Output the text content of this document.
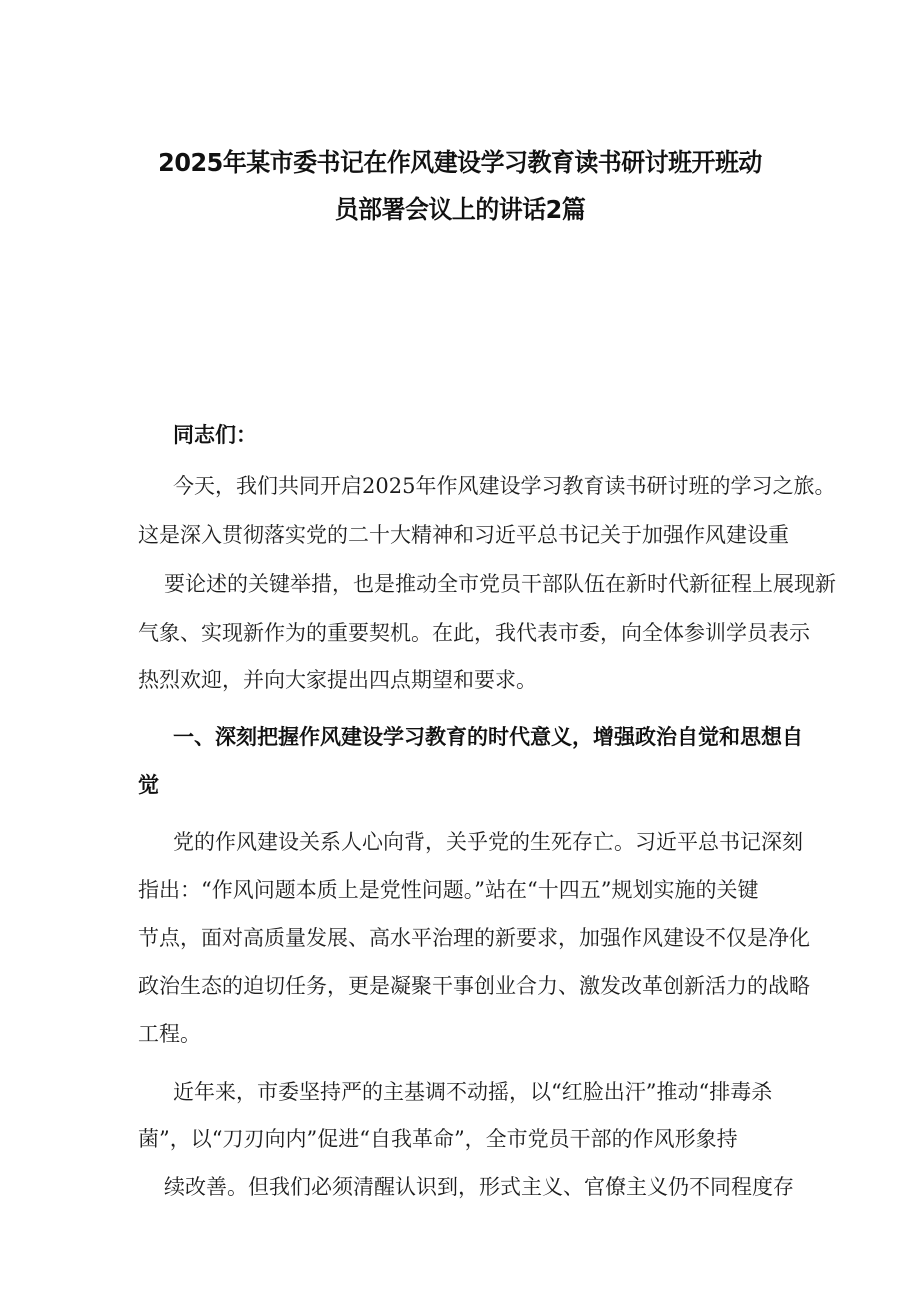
2025年某市委书记在作风建设学习教育读书研讨班开班动
员部署会议上的讲话2篇

同志们：

今天，我们共同开启2025年作风建设学习教育读书研讨班的学习之旅。

这是深入贯彻落实党的二十大精神和习近平总书记关于加强作风建设重

要论述的关键举措，也是推动全市党员干部队伍在新时代新征程上展现新

气象、实现新作为的重要契机。在此，我代表市委，向全体参训学员表示

热烈欢迎，并向大家提出四点期望和要求。

一、深刻把握作风建设学习教育的时代意义，增强政治自觉和思想自

觉

党的作风建设关系人心向背，关乎党的生死存亡。习近平总书记深刻

指出：“作风问题本质上是党性问题。”站在“十四五”规划实施的关键

节点，面对高质量发展、高水平治理的新要求，加强作风建设不仅是净化

政治生态的迫切任务，更是凝聚干事创业合力、激发改革创新活力的战略

工程。

近年来，市委坚持严的主基调不动摇，以“红脸出汗”推动“排毒杀

菌”，以“刀刃向内”促进“自我革命”，全市党员干部的作风形象持

续改善。但我们必须清醒认识到，形式主义、官僚主义仍不同程度存
